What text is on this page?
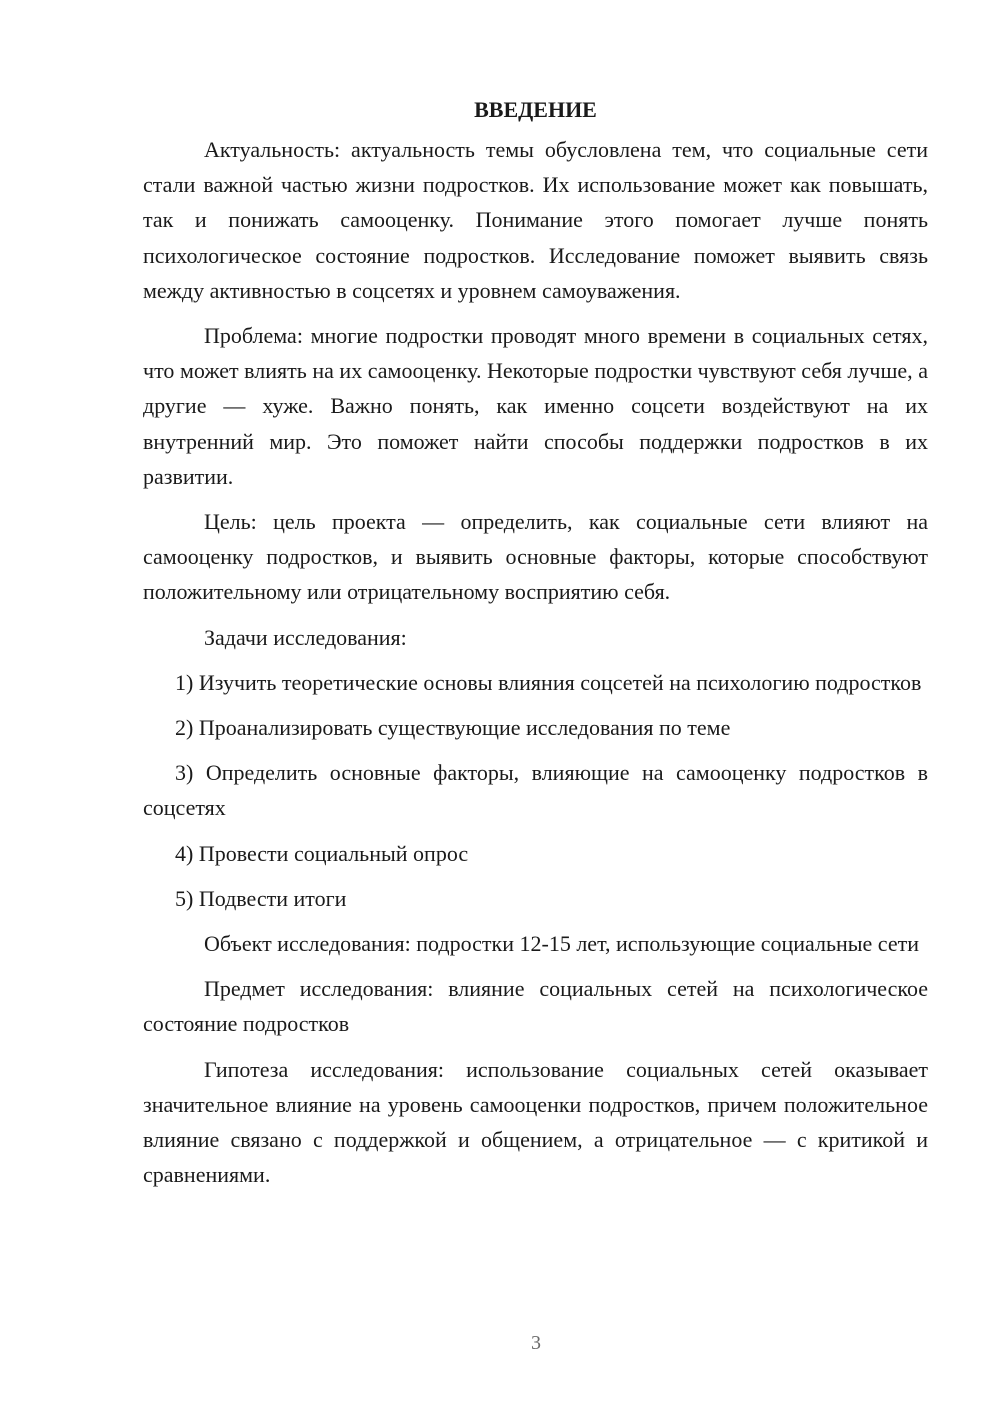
ВВЕДЕНИЕ

Актуальность: актуальность темы обусловлена тем, что социальные сети стали важной частью жизни подростков. Их использование может как повышать, так и понижать самооценку. Понимание этого помогает лучше понять психологическое состояние подростков. Исследование поможет выявить связь между активностью в соцсетях и уровнем самоуважения.

Проблема: многие подростки проводят много времени в социальных сетях, что может влиять на их самооценку. Некоторые подростки чувствуют себя лучше, а другие — хуже. Важно понять, как именно соцсети воздействуют на их внутренний мир. Это поможет найти способы поддержки подростков в их развитии.

Цель: цель проекта — определить, как социальные сети влияют на самооценку подростков, и выявить основные факторы, которые способствуют положительному или отрицательному восприятию себя.

Задачи исследования:

1) Изучить теоретические основы влияния соцсетей на психологию подростков

2) Проанализировать существующие исследования по теме

3) Определить основные факторы, влияющие на самооценку подростков в соцсетях

4) Провести социальный опрос

5) Подвести итоги

Объект исследования: подростки 12-15 лет, использующие социальные сети

Предмет исследования: влияние социальных сетей на психологическое состояние подростков

Гипотеза исследования: использование социальных сетей оказывает значительное влияние на уровень самооценки подростков, причем положительное влияние связано с поддержкой и общением, а отрицательное — с критикой и сравнениями.

3
